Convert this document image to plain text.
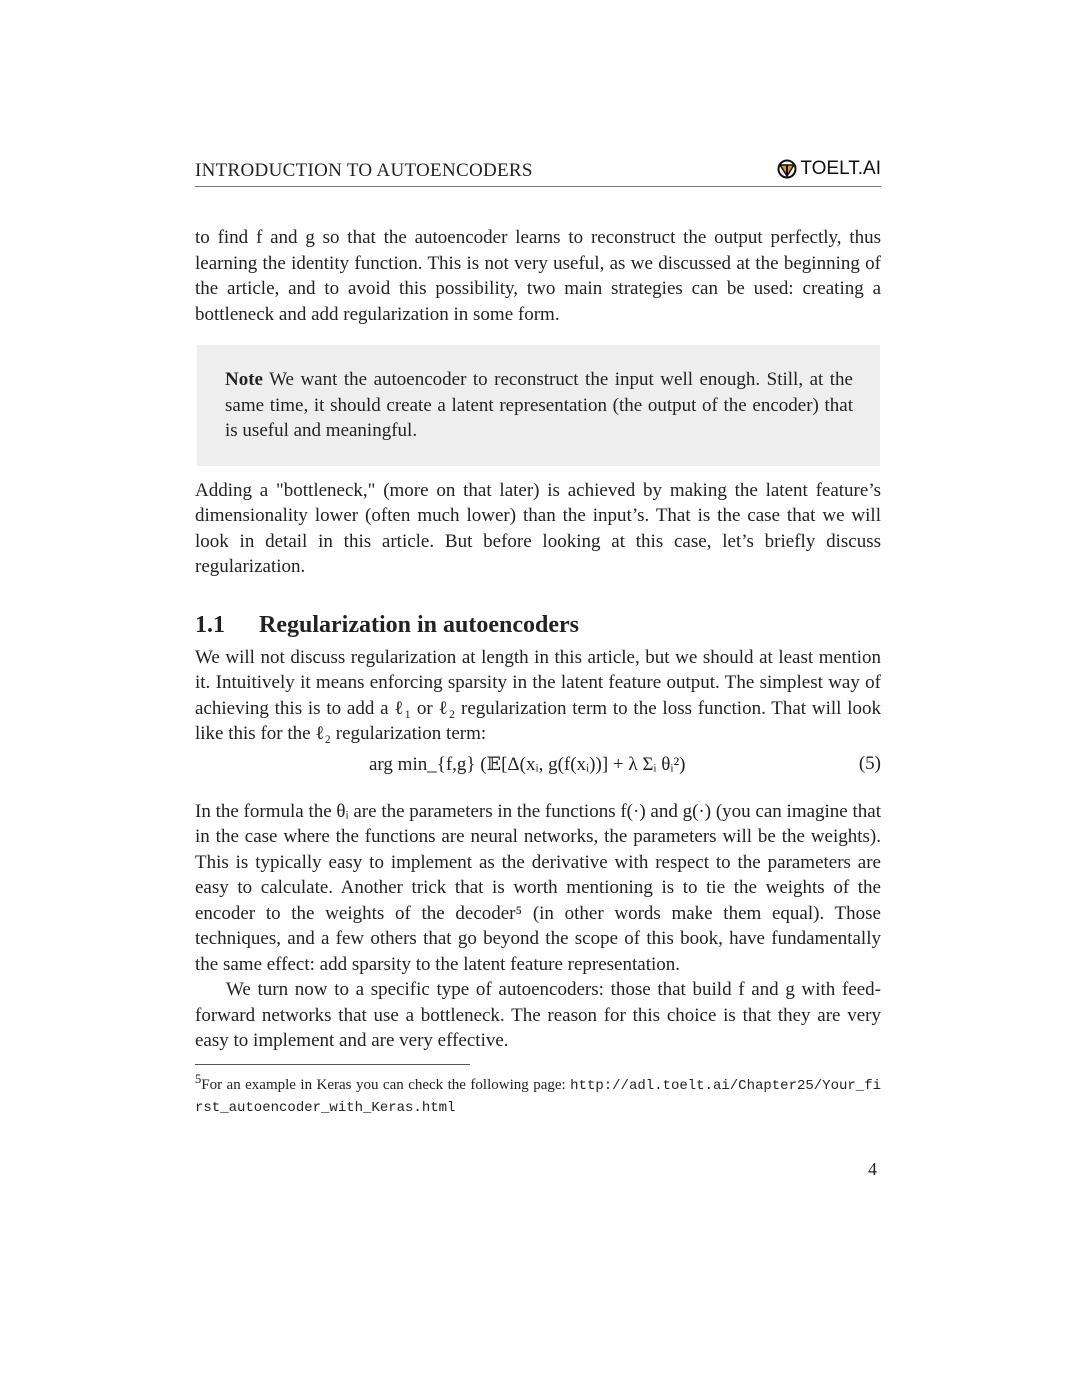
INTRODUCTION TO AUTOENCODERS	TOELT.AI

to find f and g so that the autoencoder learns to reconstruct the output perfectly, thus learning the identity function. This is not very useful, as we discussed at the beginning of the article, and to avoid this possibility, two main strategies can be used: creating a bottleneck and add regularization in some form.

Note We want the autoencoder to reconstruct the input well enough. Still, at the same time, it should create a latent representation (the output of the encoder) that is useful and meaningful.

Adding a "bottleneck," (more on that later) is achieved by making the latent feature’s dimensionality lower (often much lower) than the input’s. That is the case that we will look in detail in this article. But before looking at this case, let’s briefly discuss regularization.

1.1 Regularization in autoencoders

We will not discuss regularization at length in this article, but we should at least mention it. Intuitively it means enforcing sparsity in the latent feature output. The simplest way of achieving this is to add a ℓ₁ or ℓ₂ regularization term to the loss function. That will look like this for the ℓ₂ regularization term:

arg min_{f,g} (𝔼[Δ(xᵢ, g(f(xᵢ))] + λ Σᵢ θᵢ²)	(5)

In the formula the θᵢ are the parameters in the functions f(·) and g(·) (you can imagine that in the case where the functions are neural networks, the parameters will be the weights). This is typically easy to implement as the derivative with respect to the parameters are easy to calculate. Another trick that is worth mentioning is to tie the weights of the encoder to the weights of the decoder⁵ (in other words make them equal). Those techniques, and a few others that go beyond the scope of this book, have fundamentally the same effect: add sparsity to the latent feature representation.

We turn now to a specific type of autoencoders: those that build f and g with feed-forward networks that use a bottleneck. The reason for this choice is that they are very easy to implement and are very effective.

$^5$For an example in Keras you can check the following page: http://adl.toelt.ai/Chapter25/Your_first_autoencoder_with_Keras.html

4
